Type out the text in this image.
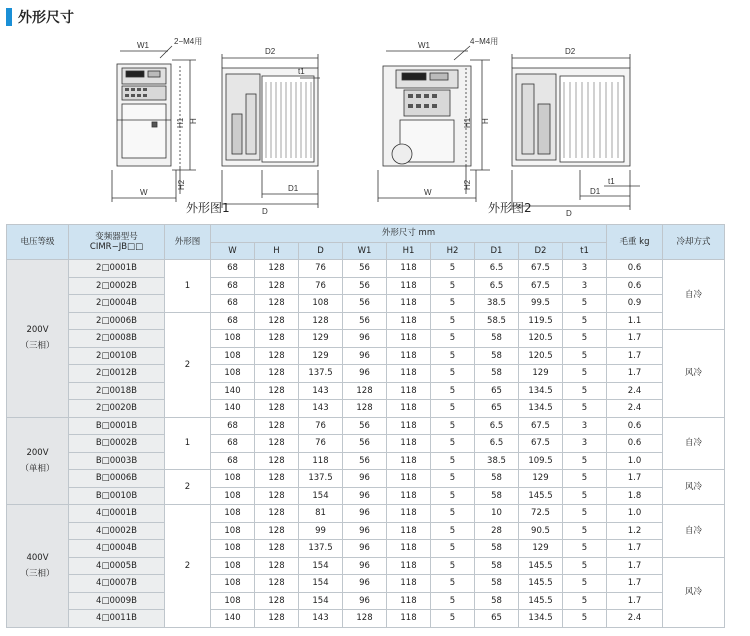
外形尺寸
W1	2−M4用
W
H1 H
H2
D2
t1
D1
D
W1	4−M4用
W
H1 H
H2
D2
t1
D1
D
外形图1	外形图2
电压等级	变频器型号
CIMR−JB□□	外形图	外形尺寸 mm									毛重 kg	冷却方式
			W	H	D	W1	H1	H2	D1	D2	t1		

200V
（三相）	2□0001B	1	68	128	76	56	118	5	6.5	67.5	3	0.6	自冷
	2□0002B		68	128	76	56	118	5	6.5	67.5	3	0.6	
	2□0004B		68	128	108	56	118	5	38.5	99.5	5	0.9	
	2□0006B	2	68	128	128	56	118	5	58.5	119.5	5	1.1	
	2□0008B		108	128	129	96	118	5	58	120.5	5	1.7	风冷
	2□0010B		108	128	129	96	118	5	58	120.5	5	1.7	
	2□0012B		108	128	137.5	96	118	5	58	129	5	1.7	
	2□0018B		140	128	143	128	118	5	65	134.5	5	2.4	
	2□0020B		140	128	143	128	118	5	65	134.5	5	2.4	

200V
（单相）	B□0001B	1	68	128	76	56	118	5	6.5	67.5	3	0.6	自冷
	B□0002B		68	128	76	56	118	5	6.5	67.5	3	0.6	
	B□0003B		68	128	118	56	118	5	38.5	109.5	5	1.0	
	B□0006B	2	108	128	137.5	96	118	5	58	129	5	1.7	风冷
	B□0010B		108	128	154	96	118	5	58	145.5	5	1.8	

400V
（三相）	4□0001B	2	108	128	81	96	118	5	10	72.5	5	1.0	自冷
	4□0002B		108	128	99	96	118	5	28	90.5	5	1.2	
	4□0004B		108	128	137.5	96	118	5	58	129	5	1.7	
	4□0005B		108	128	154	96	118	5	58	145.5	5	1.7	风冷
	4□0007B		108	128	154	96	118	5	58	145.5	5	1.7	
	4□0009B		108	128	154	96	118	5	58	145.5	5	1.7	
	4□0011B		140	128	143	128	118	5	65	134.5	5	2.4	
